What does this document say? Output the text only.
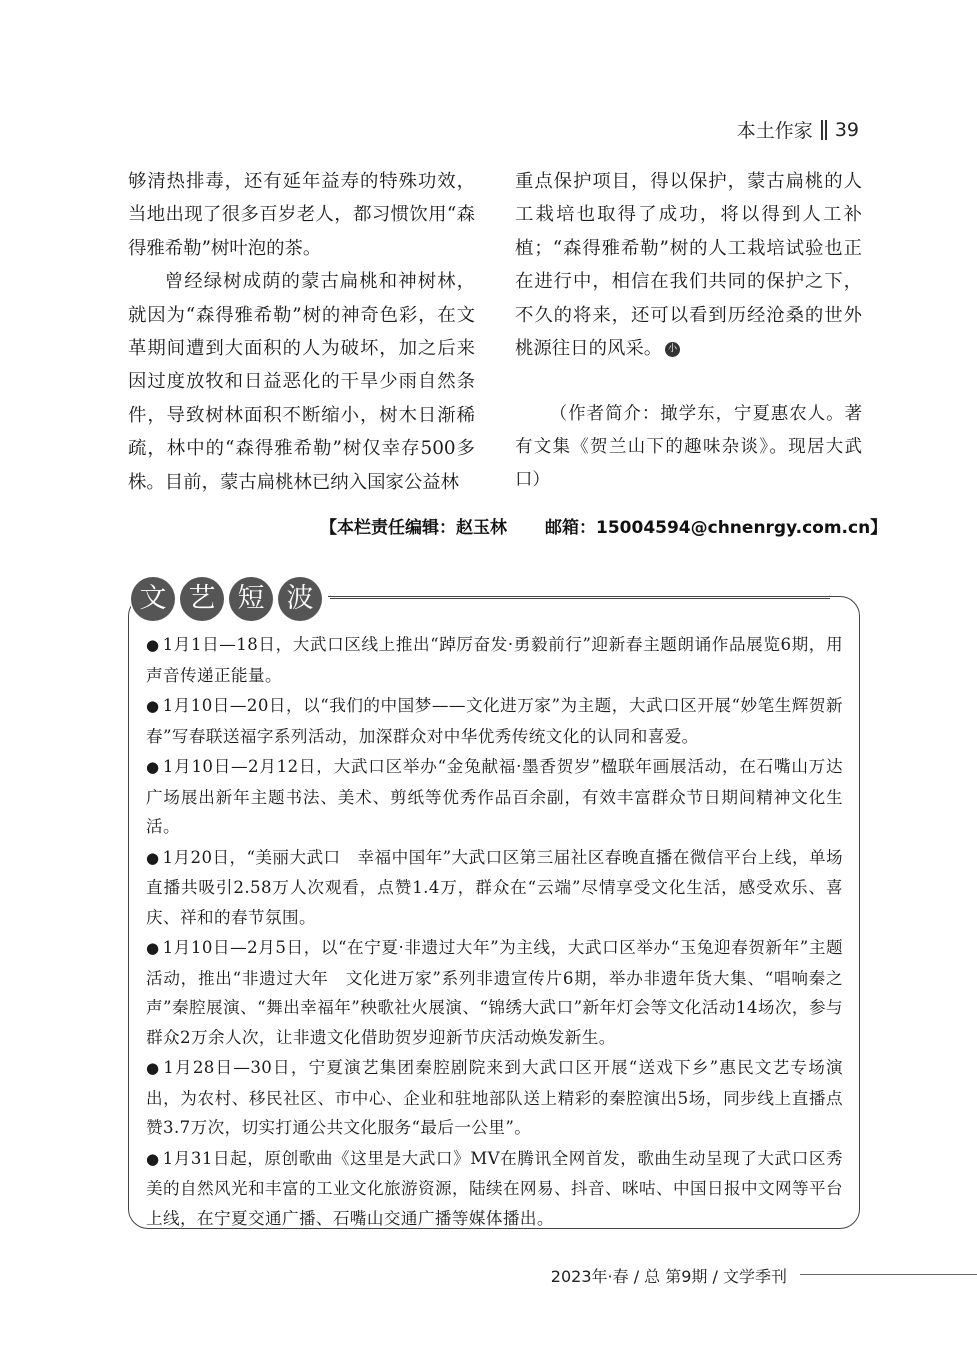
本土作家 39

够清热排毒，还有延年益寿的特殊功效，当地出现了很多百岁老人，都习惯饮用“森得雅希勒”树叶泡的茶。

曾经绿树成荫的蒙古扁桃和神树林，就因为“森得雅希勒”树的神奇色彩，在文革期间遭到大面积的人为破坏，加之后来因过度放牧和日益恶化的干旱少雨自然条件，导致树林面积不断缩小，树木日渐稀疏，林中的“森得雅希勒”树仅幸存500多株。目前，蒙古扁桃林已纳入国家公益林

重点保护项目，得以保护，蒙古扁桃的人工栽培也取得了成功，将以得到人工补植；“森得雅希勒”树的人工栽培试验也正在进行中，相信在我们共同的保护之下，不久的将来，还可以看到历经沧桑的世外桃源往日的风采。 小

（作者简介：撖学东，宁夏惠农人。著有文集《贺兰山下的趣味杂谈》。现居大武口）

【本栏责任编辑：赵玉林 邮箱：15004594@chnenrgy.com.cn】
文 艺 短 波

● 1月1日—18日，大武口区线上推出“踔厉奋发·勇毅前行”迎新春主题朗诵作品展览6期，用声音传递正能量。

● 1月10日—20日，以“我们的中国梦——文化进万家”为主题，大武口区开展“妙笔生辉贺新春”写春联送福字系列活动，加深群众对中华优秀传统文化的认同和喜爱。

● 1月10日—2月12日，大武口区举办“金兔献福·墨香贺岁”楹联年画展活动，在石嘴山万达广场展出新年主题书法、美术、剪纸等优秀作品百余副，有效丰富群众节日期间精神文化生活。

● 1月20日，“美丽大武口　幸福中国年”大武口区第三届社区春晚直播在微信平台上线，单场直播共吸引2.58万人次观看，点赞1.4万，群众在“云端”尽情享受文化生活，感受欢乐、喜庆、祥和的春节氛围。

● 1月10日—2月5日，以“在宁夏·非遗过大年”为主线，大武口区举办“玉兔迎春贺新年”主题活动，推出“非遗过大年　文化进万家”系列非遗宣传片6期，举办非遗年货大集、“唱响秦之声”秦腔展演、“舞出幸福年”秧歌社火展演、“锦绣大武口”新年灯会等文化活动14场次，参与群众2万余人次，让非遗文化借助贺岁迎新节庆活动焕发新生。

● 1月28日—30日，宁夏演艺集团秦腔剧院来到大武口区开展“送戏下乡”惠民文艺专场演出，为农村、移民社区、市中心、企业和驻地部队送上精彩的秦腔演出5场，同步线上直播点赞3.7万次，切实打通公共文化服务“最后一公里”。

● 1月31日起，原创歌曲《这里是大武口》MV在腾讯全网首发，歌曲生动呈现了大武口区秀美的自然风光和丰富的工业文化旅游资源，陆续在网易、抖音、咪咕、中国日报中文网等平台上线，在宁夏交通广播、石嘴山交通广播等媒体播出。

2023年·春 / 总 第9期 / 文学季刊
